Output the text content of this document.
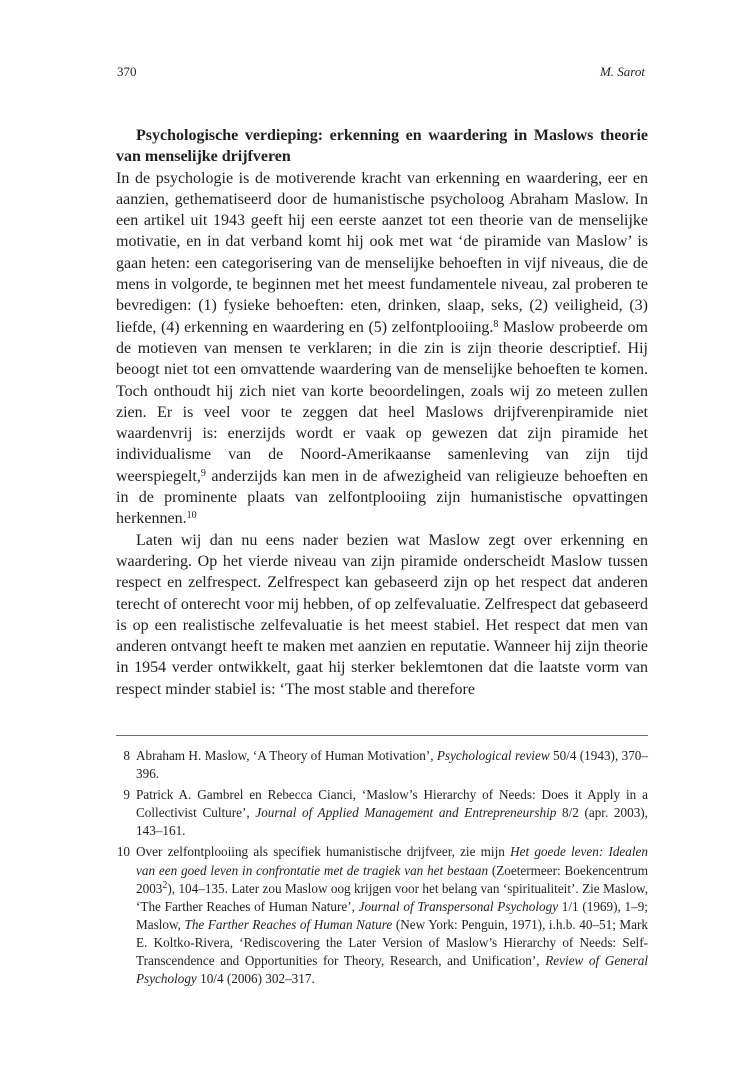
370	M. Sarot

Psychologische verdieping: erkenning en waardering in Maslows theorie van menselijke drijfveren

In de psychologie is de motiverende kracht van erkenning en waardering, eer en aanzien, gethematiseerd door de humanistische psycholoog Abraham Maslow. In een artikel uit 1943 geeft hij een eerste aanzet tot een theorie van de menselijke motivatie, en in dat verband komt hij ook met wat ‘de piramide van Maslow’ is gaan heten: een categorisering van de menselijke behoeften in vijf niveaus, die de mens in volgorde, te beginnen met het meest fundamentele niveau, zal proberen te bevredigen: (1) fysieke behoeften: eten, drinken, slaap, seks, (2) veiligheid, (3) liefde, (4) erkenning en waardering en (5) zelfontplooiing.$^8$ Maslow probeerde om de motieven van mensen te verklaren; in die zin is zijn theorie descriptief. Hij beoogt niet tot een omvattende waardering van de menselijke behoeften te komen. Toch onthoudt hij zich niet van korte beoordelingen, zoals wij zo meteen zullen zien. Er is veel voor te zeggen dat heel Maslows drijfverenpiramide niet waardenvrij is: enerzijds wordt er vaak op gewezen dat zijn piramide het individualisme van de Noord-Amerikaanse samenleving van zijn tijd weerspiegelt,$^9$ anderzijds kan men in de afwezigheid van religieuze behoeften en in de prominente plaats van zelfontplooiing zijn humanistische opvattingen herkennen.$^{10}$

Laten wij dan nu eens nader bezien wat Maslow zegt over erkenning en waardering. Op het vierde niveau van zijn piramide onderscheidt Maslow tussen respect en zelfrespect. Zelfrespect kan gebaseerd zijn op het respect dat anderen terecht of onterecht voor mij hebben, of op zelfevaluatie. Zelfrespect dat gebaseerd is op een realistische zelfevaluatie is het meest stabiel. Het respect dat men van anderen ontvangt heeft te maken met aanzien en reputatie. Wanneer hij zijn theorie in 1954 verder ontwikkelt, gaat hij sterker beklemtonen dat die laatste vorm van respect minder stabiel is: ‘The most stable and therefore

8 Abraham H. Maslow, ‘A Theory of Human Motivation’, Psychological review 50/4 (1943), 370–396.
9 Patrick A. Gambrel en Rebecca Cianci, ‘Maslow’s Hierarchy of Needs: Does it Apply in a Collectivist Culture’, Journal of Applied Management and Entrepreneurship 8/2 (apr. 2003), 143–161.
10 Over zelfontplooiing als specifiek humanistische drijfveer, zie mijn Het goede leven: Idealen van een goed leven in confrontatie met de tragiek van het bestaan (Zoetermeer: Boekencentrum 2003$^2$), 104–135. Later zou Maslow oog krijgen voor het belang van ‘spiritualiteit’. Zie Maslow, ‘The Farther Reaches of Human Nature’, Journal of Transpersonal Psychology 1/1 (1969), 1–9; Maslow, The Farther Reaches of Human Nature (New York: Penguin, 1971), i.h.b. 40–51; Mark E. Koltko-Rivera, ‘Rediscovering the Later Version of Maslow’s Hierarchy of Needs: Self-Transcendence and Opportunities for Theory, Research, and Unification’, Review of General Psychology 10/4 (2006) 302–317.
